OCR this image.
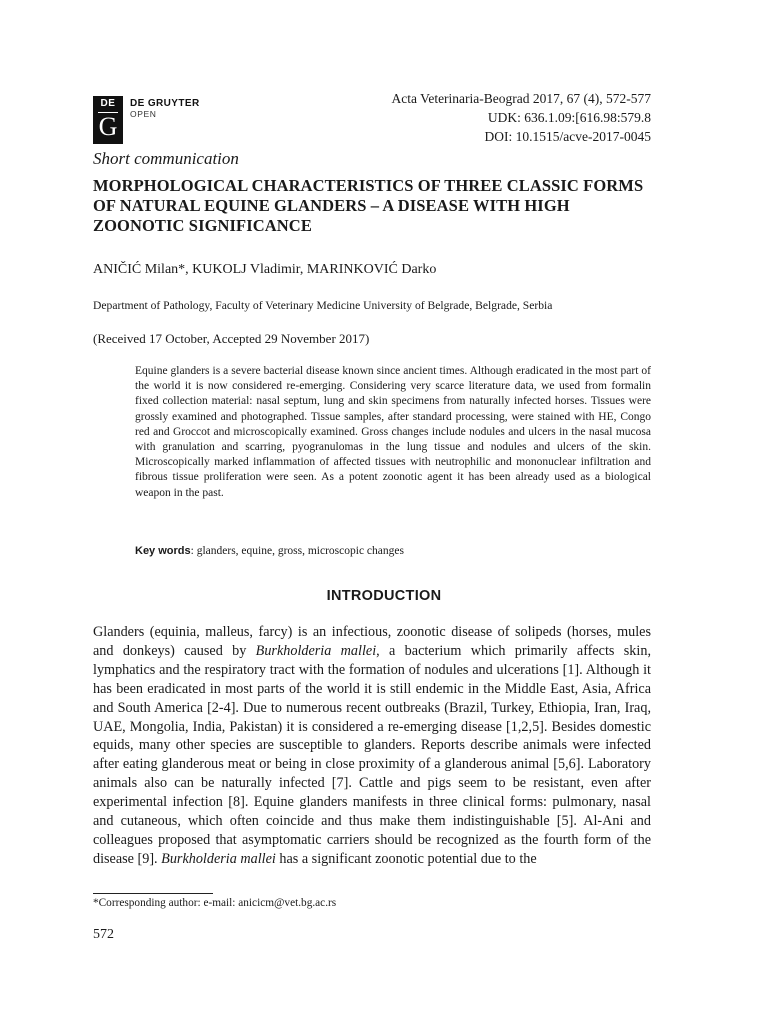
DE
G
DE GRUYTER
OPEN
Acta Veterinaria-Beograd 2017, 67 (4), 572-577
UDK: 636.1.09:[616.98:579.8
DOI: 10.1515/acve-2017-0045
Short communication
MORPHOLOGICAL CHARACTERISTICS OF THREE CLASSIC FORMS OF NATURAL EQUINE GLANDERS – A DISEASE WITH HIGH ZOONOTIC SIGNIFICANCE
ANIČIĆ Milan*, KUKOLJ Vladimir, MARINKOVIĆ Darko
Department of Pathology, Faculty of Veterinary Medicine University of Belgrade, Belgrade, Serbia
(Received 17 October, Accepted 29 November 2017)
Equine glanders is a severe bacterial disease known since ancient times. Although eradicated in the most part of the world it is now considered re-emerging. Considering very scarce literature data, we used from formalin fixed collection material: nasal septum, lung and skin specimens from naturally infected horses. Tissues were grossly examined and photographed. Tissue samples, after standard processing, were stained with HE, Congo red and Groccot and microscopically examined. Gross changes include nodules and ulcers in the nasal mucosa with granulation and scarring, pyogranulomas in the lung tissue and nodules and ulcers of the skin. Microscopically marked inflammation of affected tissues with neutrophilic and mononuclear infiltration and fibrous tissue proliferation were seen. As a potent zoonotic agent it has been already used as a biological weapon in the past.
Key words: glanders, equine, gross, microscopic changes
INTRODUCTION
Glanders (equinia, malleus, farcy) is an infectious, zoonotic disease of solipeds (horses, mules and donkeys) caused by Burkholderia mallei, a bacterium which primarily affects skin, lymphatics and the respiratory tract with the formation of nodules and ulcerations [1]. Although it has been eradicated in most parts of the world it is still endemic in the Middle East, Asia, Africa and South America [2-4]. Due to numerous recent outbreaks (Brazil, Turkey, Ethiopia, Iran, Iraq, UAE, Mongolia, India, Pakistan) it is considered a re-emerging disease [1,2,5]. Besides domestic equids, many other species are susceptible to glanders. Reports describe animals were infected after eating glanderous meat or being in close proximity of a glanderous animal [5,6]. Laboratory animals also can be naturally infected [7]. Cattle and pigs seem to be resistant, even after experimental infection [8]. Equine glanders manifests in three clinical forms: pulmonary, nasal and cutaneous, which often coincide and thus make them indistinguishable [5]. Al-Ani and colleagues proposed that asymptomatic carriers should be recognized as the fourth form of the disease [9]. Burkholderia mallei has a significant zoonotic potential due to the
*Corresponding author: e-mail: anicicm@vet.bg.ac.rs
572
